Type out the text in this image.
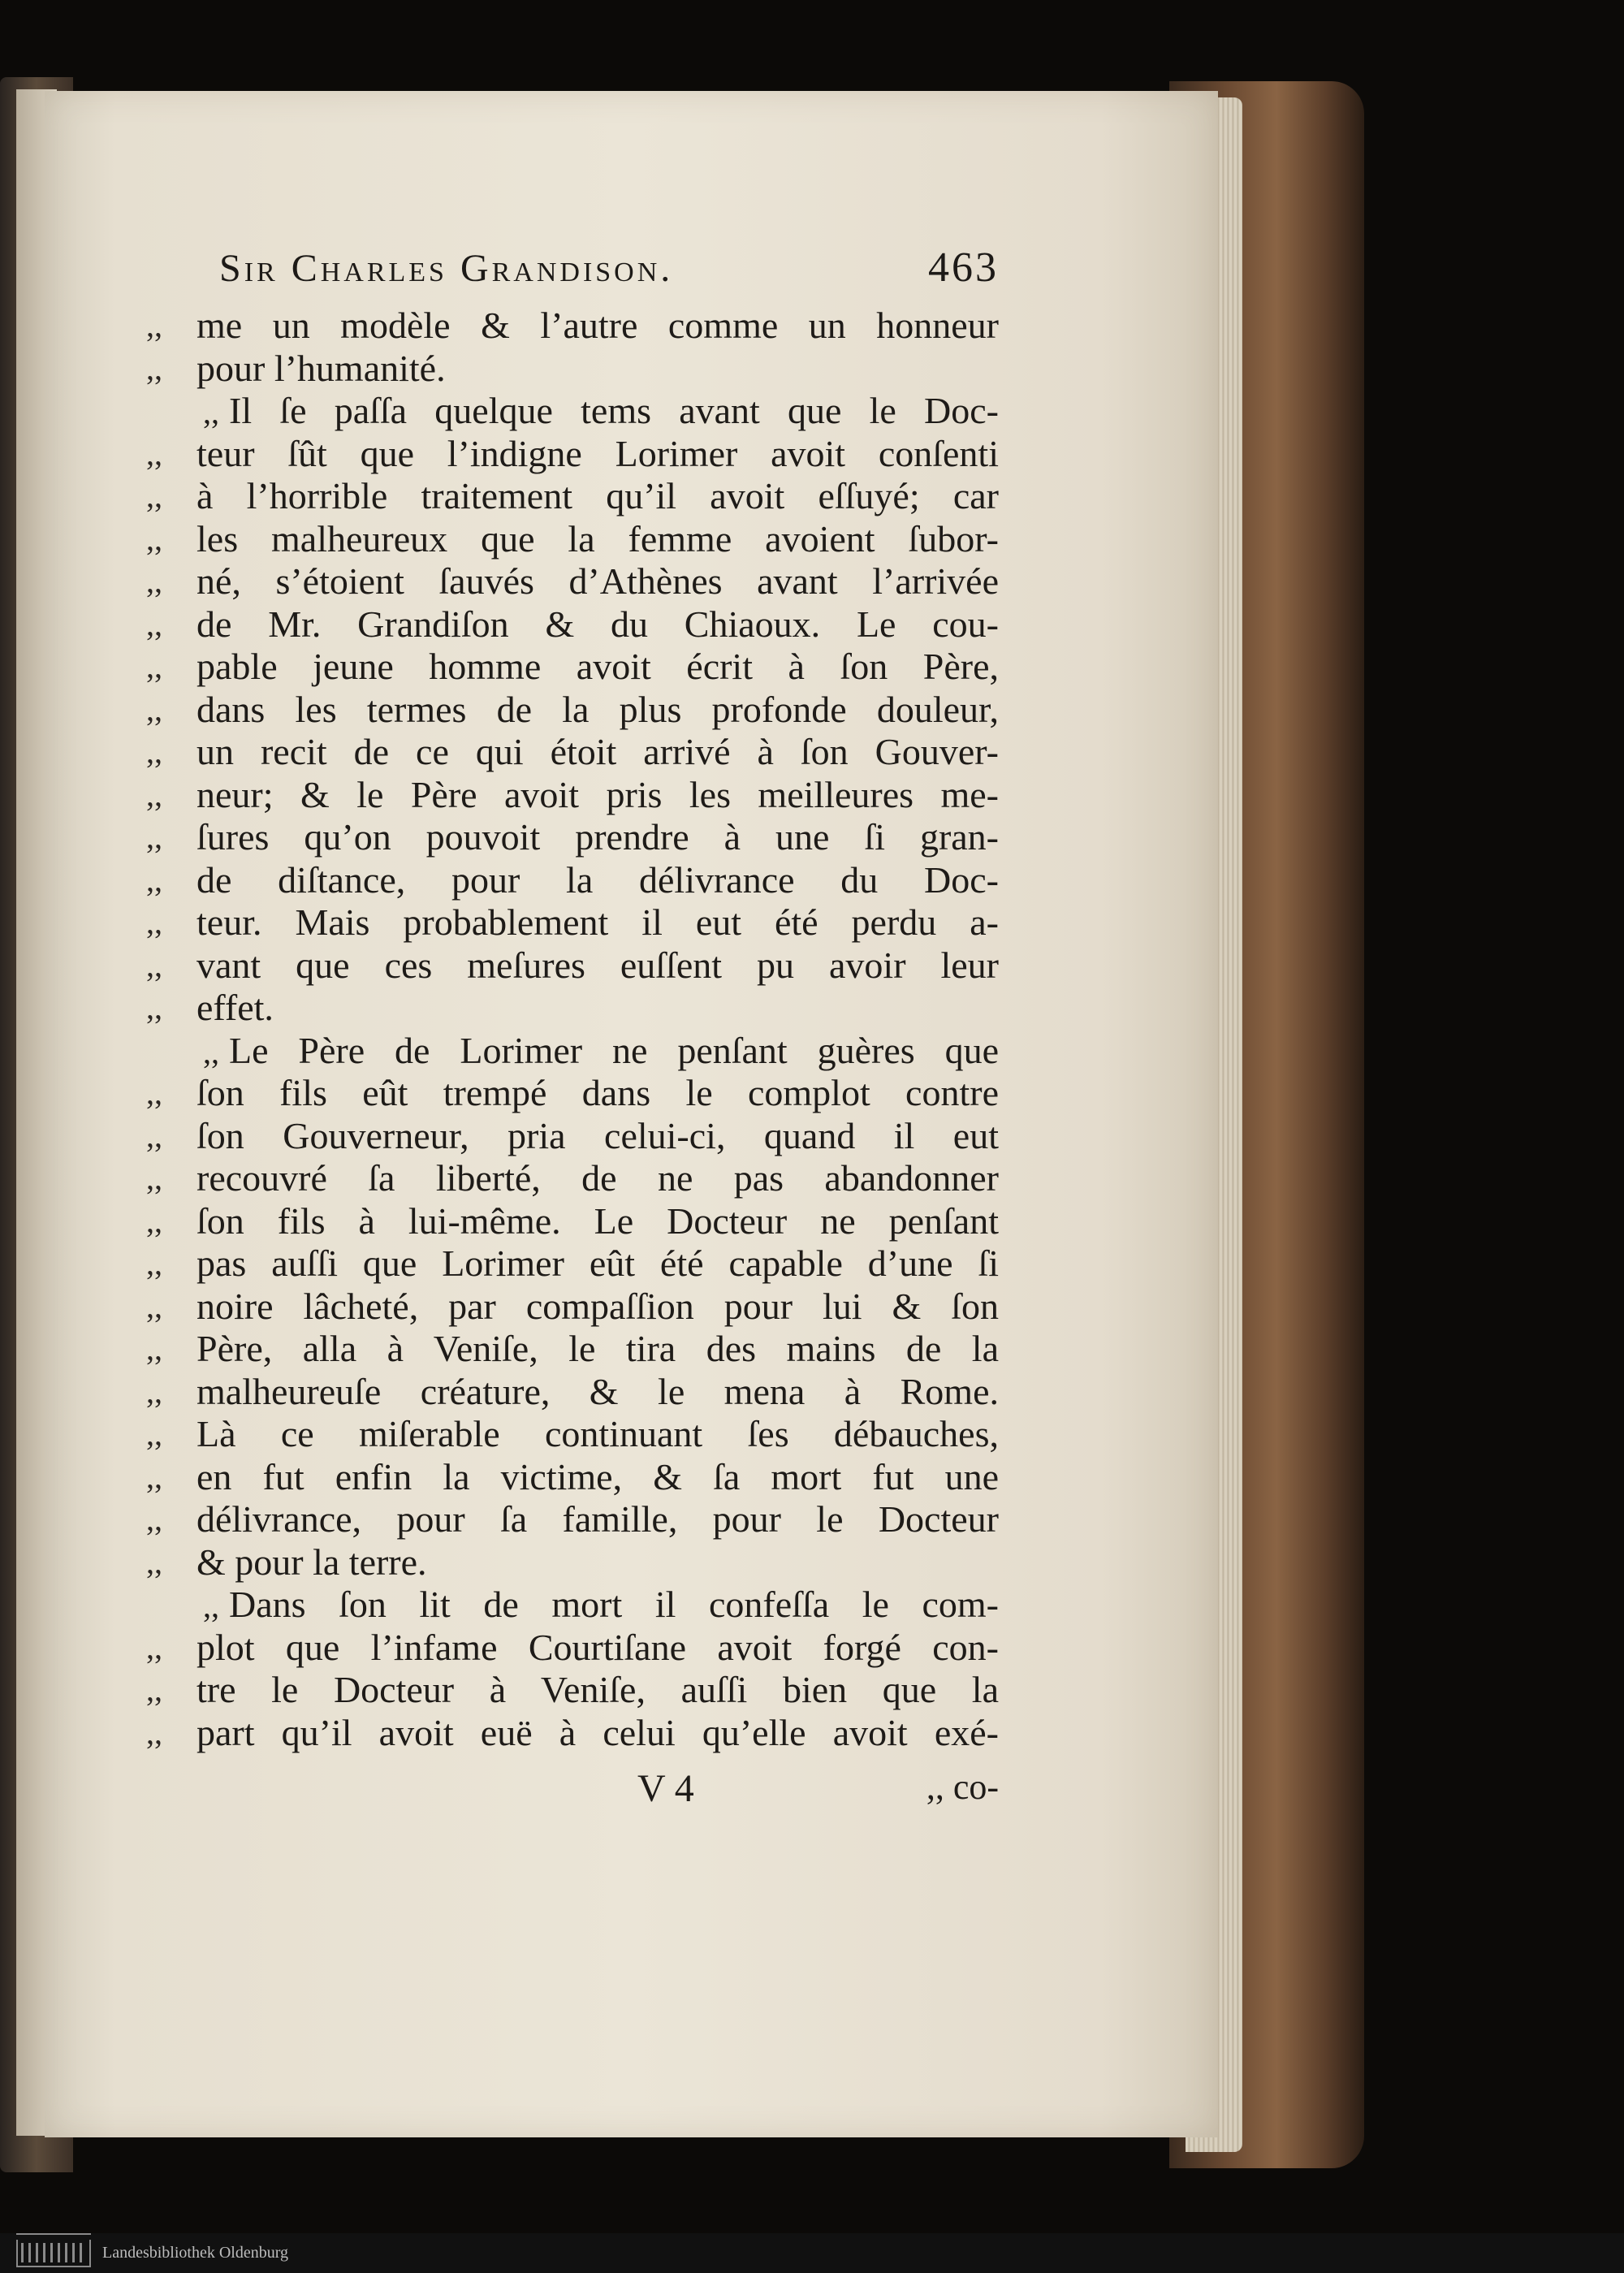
Sir Charles Grandison.	463
,, me un modèle & l’autre comme un honneur
,, pour l’humanité.
,, Il ſe paſſa quelque tems avant que le Doc-
,, teur ſût que l’indigne Lorimer avoit conſenti
,, à l’horrible traitement qu’il avoit eſſuyé; car
,, les malheureux que la femme avoient ſubor-
,, né, s’étoient ſauvés d’Athènes avant l’arrivée
,, de Mr. Grandiſon & du Chiaoux. Le cou-
,, pable jeune homme avoit écrit à ſon Père,
,, dans les termes de la plus profonde douleur,
,, un recit de ce qui étoit arrivé à ſon Gouver-
,, neur; & le Père avoit pris les meilleures me-
,, ſures qu’on pouvoit prendre à une ſi gran-
,, de diſtance, pour la délivrance du Doc-
,, teur. Mais probablement il eut été perdu a-
,, vant que ces meſures euſſent pu avoir leur
,, effet.
,, Le Père de Lorimer ne penſant guères que
,, ſon fils eût trempé dans le complot contre
,, ſon Gouverneur, pria celui-ci, quand il eut
,, recouvré ſa liberté, de ne pas abandonner
,, ſon fils à lui-même. Le Docteur ne penſant
,, pas auſſi que Lorimer eût été capable d’une ſi
,, noire lâcheté, par compaſſion pour lui & ſon
,, Père, alla à Veniſe, le tira des mains de la
,, malheureuſe créature, & le mena à Rome.
,, Là ce miſerable continuant ſes débauches,
,, en fut enfin la victime, & ſa mort fut une
,, délivrance, pour ſa famille, pour le Docteur
,, & pour la terre.
,, Dans ſon lit de mort il confeſſa le com-
,, plot que l’infame Courtiſane avoit forgé con-
,, tre le Docteur à Veniſe, auſſi bien que la
,, part qu’il avoit euë à celui qu’elle avoit exé-
V 4	,, co-
Landesbibliothek Oldenburg
